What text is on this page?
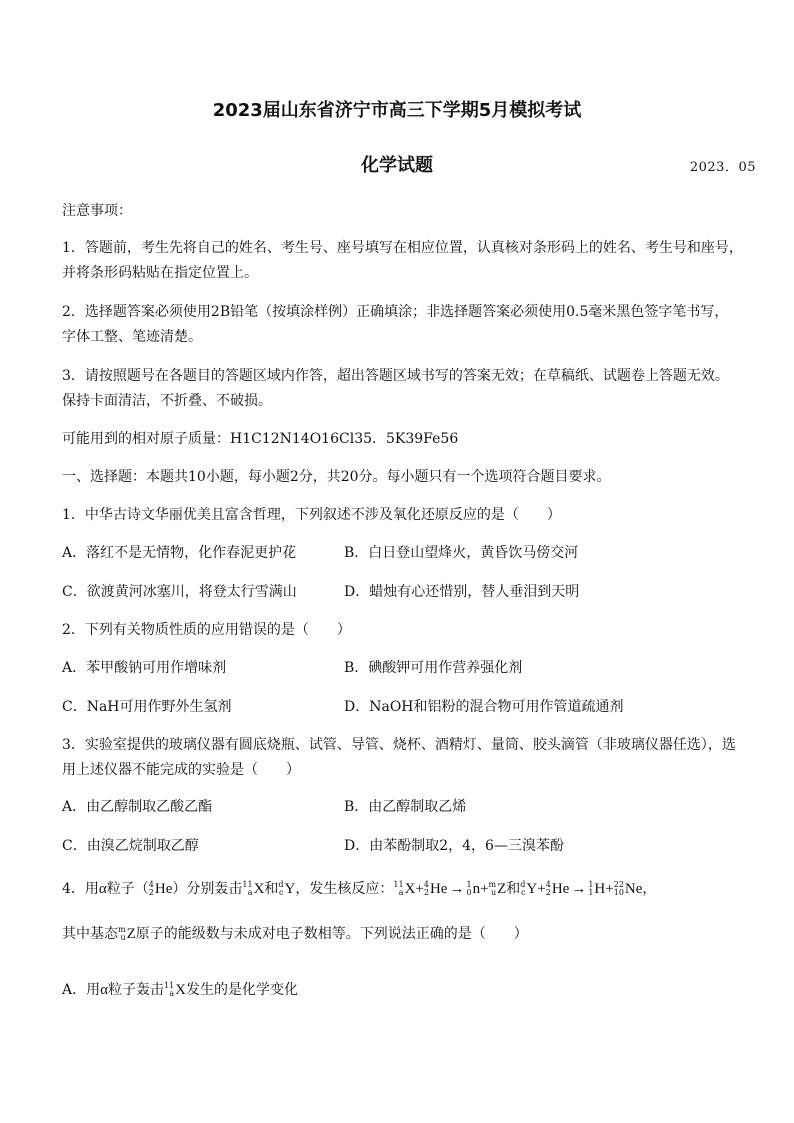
2023届山东省济宁市高三下学期5月模拟考试
化学试题	2023．05
注意事项：
1．答题前，考生先将自己的姓名、考生号、座号填写在相应位置，认真核对条形码上的姓名、考生号和座号，
并将条形码粘贴在指定位置上。
2．选择题答案必须使用2B铅笔（按填涂样例）正确填涂；非选择题答案必须使用0.5毫米黑色签字笔书写，
字体工整、笔迹清楚。
3．请按照题号在各题目的答题区域内作答，超出答题区域书写的答案无效；在草稿纸、试题卷上答题无效。
保持卡面清洁，不折叠、不破损。
可能用到的相对原子质量：H1C12N14O16Cl35．5K39Fe56
一、选择题：本题共10小题，每小题2分，共20分。每小题只有一个选项符合题目要求。
1．中华古诗文华丽优美且富含哲理，下列叙述不涉及氧化还原反应的是（　　）
A．落红不是无情物，化作春泥更护花	B．白日登山望烽火，黄昏饮马傍交河
C．欲渡黄河冰塞川，将登太行雪满山	D．蜡烛有心还惜别，替人垂泪到天明
2．下列有关物质性质的应用错误的是（　　）
A．苯甲酸钠可用作增味剂	B．碘酸钾可用作营养强化剂
C．NaH可用作野外生氢剂	D．NaOH和铝粉的混合物可用作管道疏通剂
3．实验室提供的玻璃仪器有圆底烧瓶、试管、导管、烧杯、酒精灯、量筒、胶头滴管（非玻璃仪器任选），选
用上述仪器不能完成的实验是（　　）
A．由乙醇制取乙酸乙酯	B．由乙醇制取乙烯
C．由溴乙烷制取乙醇	D．由苯酚制取2，4，6—三溴苯酚
4．用α粒子（ 4
2 He ）分别轰击 11
a X 和 d
c Y ，发生核反应： 11
a X + 4
2 He → 1
0 n + m
u Z 和 d
c Y + 4
2 He → 1
1 H + 22
10 Ne ，
其中基态 m
u Z 原子的能级数与未成对电子数相等。下列说法正确的是（　　）
A．用α粒子轰击 11
a X 发生的是化学变化
